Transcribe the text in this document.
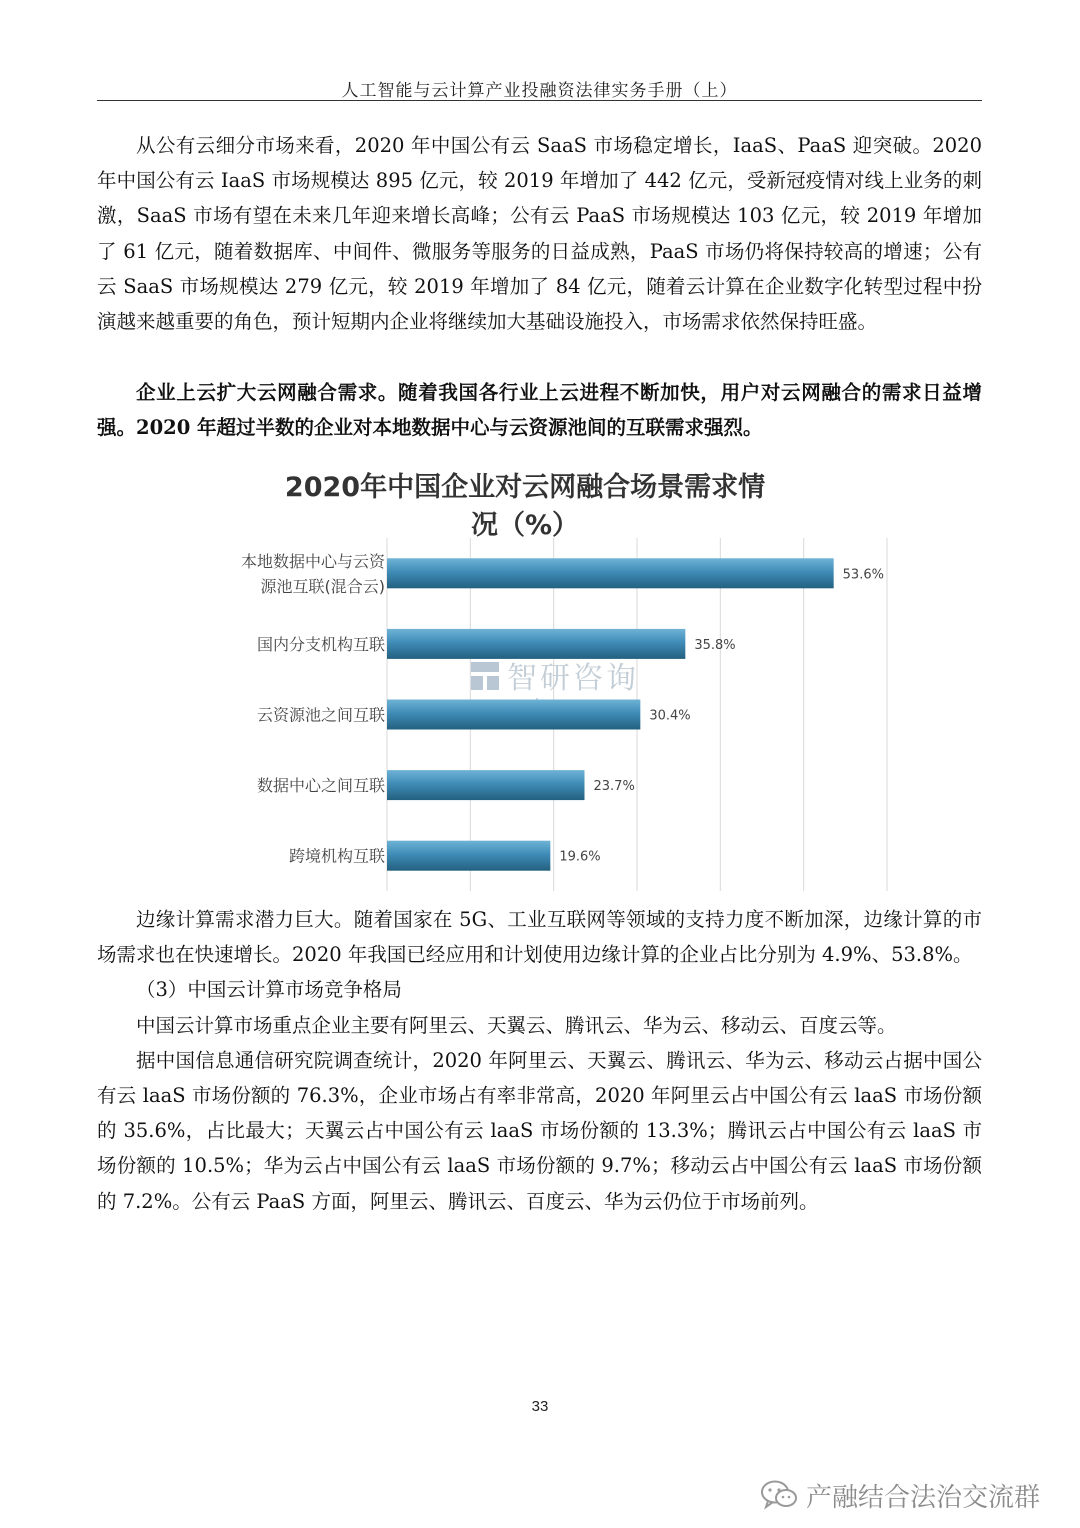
人工智能与云计算产业投融资法律实务手册（上）

从公有云细分市场来看，2020 年中国公有云 SaaS 市场稳定增长，IaaS、PaaS 迎突破。2020 年中国公有云 IaaS 市场规模达 895 亿元，较 2019 年增加了 442 亿元，受新冠疫情对线上业务的刺激，SaaS 市场有望在未来几年迎来增长高峰；公有云 PaaS 市场规模达 103 亿元，较 2019 年增加了 61 亿元，随着数据库、中间件、微服务等服务的日益成熟，PaaS 市场仍将保持较高的增速；公有云 SaaS 市场规模达 279 亿元，较 2019 年增加了 84 亿元，随着云计算在企业数字化转型过程中扮演越来越重要的角色，预计短期内企业将继续加大基础设施投入，市场需求依然保持旺盛。

企业上云扩大云网融合需求。随着我国各行业上云进程不断加快，用户对云网融合的需求日益增强。2020 年超过半数的企业对本地数据中心与云资源池间的互联需求强烈。

2020年中国企业对云网融合场景需求情
况（%）
智研咨询
53.6%
本地数据中心与云资
源池互联(混合云)
35.8%
国内分支机构互联
30.4%
云资源池之间互联
23.7%
数据中心之间互联
19.6%
跨境机构互联

边缘计算需求潜力巨大。随着国家在 5G、工业互联网等领域的支持力度不断加深，边缘计算的市场需求也在快速增长。2020 年我国已经应用和计划使用边缘计算的企业占比分别为 4.9%、53.8%。

（3）中国云计算市场竞争格局

中国云计算市场重点企业主要有阿里云、天翼云、腾讯云、华为云、移动云、百度云等。

据中国信息通信研究院调查统计，2020 年阿里云、天翼云、腾讯云、华为云、移动云占据中国公有云 laaS 市场份额的 76.3%，企业市场占有率非常高，2020 年阿里云占中国公有云 laaS 市场份额的 35.6%，占比最大；天翼云占中国公有云 laaS 市场份额的 13.3%；腾讯云占中国公有云 laaS 市场份额的 10.5%；华为云占中国公有云 laaS 市场份额的 9.7%；移动云占中国公有云 laaS 市场份额的 7.2%。公有云 PaaS 方面，阿里云、腾讯云、百度云、华为云仍位于市场前列。

33
产融结合法治交流群
